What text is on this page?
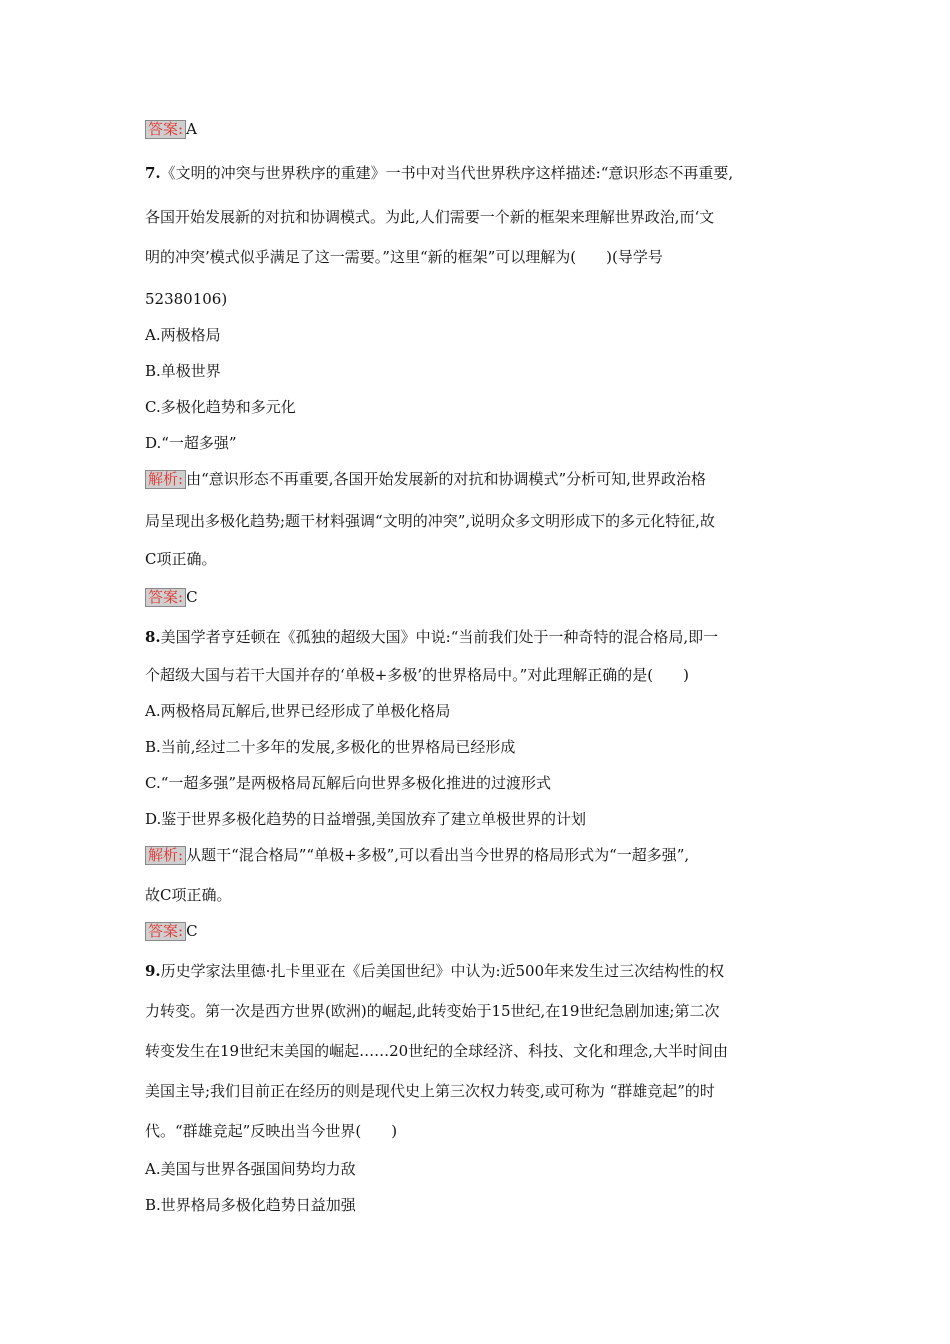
答案: A
7.《文明的冲突与世界秩序的重建》一书中对当代世界秩序这样描述:“意识形态不再重要,
各国开始发展新的对抗和协调模式。为此,人们需要一个新的框架来理解世界政治,而‘文
明的冲突’模式似乎满足了这一需要。”这里“新的框架”可以理解为(　　)(导学号
52380106)
A.两极格局
B.单极世界
C.多极化趋势和多元化
D.“一超多强”
解析: 由“意识形态不再重要,各国开始发展新的对抗和协调模式”分析可知,世界政治格
局呈现出多极化趋势;题干材料强调“文明的冲突”,说明众多文明形成下的多元化特征,故
C项正确。
答案: C
8.美国学者亨廷顿在《孤独的超级大国》中说:“当前我们处于一种奇特的混合格局,即一
个超级大国与若干大国并存的‘单极+多极’的世界格局中。”对此理解正确的是(　　)
A.两极格局瓦解后,世界已经形成了单极化格局
B.当前,经过二十多年的发展,多极化的世界格局已经形成
C.“一超多强”是两极格局瓦解后向世界多极化推进的过渡形式
D.鉴于世界多极化趋势的日益增强,美国放弃了建立单极世界的计划
解析: 从题干“混合格局”“单极+多极”,可以看出当今世界的格局形式为“一超多强”,
故C项正确。
答案: C
9.历史学家法里德·扎卡里亚在《后美国世纪》中认为:近500年来发生过三次结构性的权
力转变。第一次是西方世界(欧洲)的崛起,此转变始于15世纪,在19世纪急剧加速;第二次
转变发生在19世纪末美国的崛起……20世纪的全球经济、科技、文化和理念,大半时间由
美国主导;我们目前正在经历的则是现代史上第三次权力转变,或可称为 “群雄竞起”的时
代。“群雄竞起”反映出当今世界(　　)
A.美国与世界各强国间势均力敌
B.世界格局多极化趋势日益加强
